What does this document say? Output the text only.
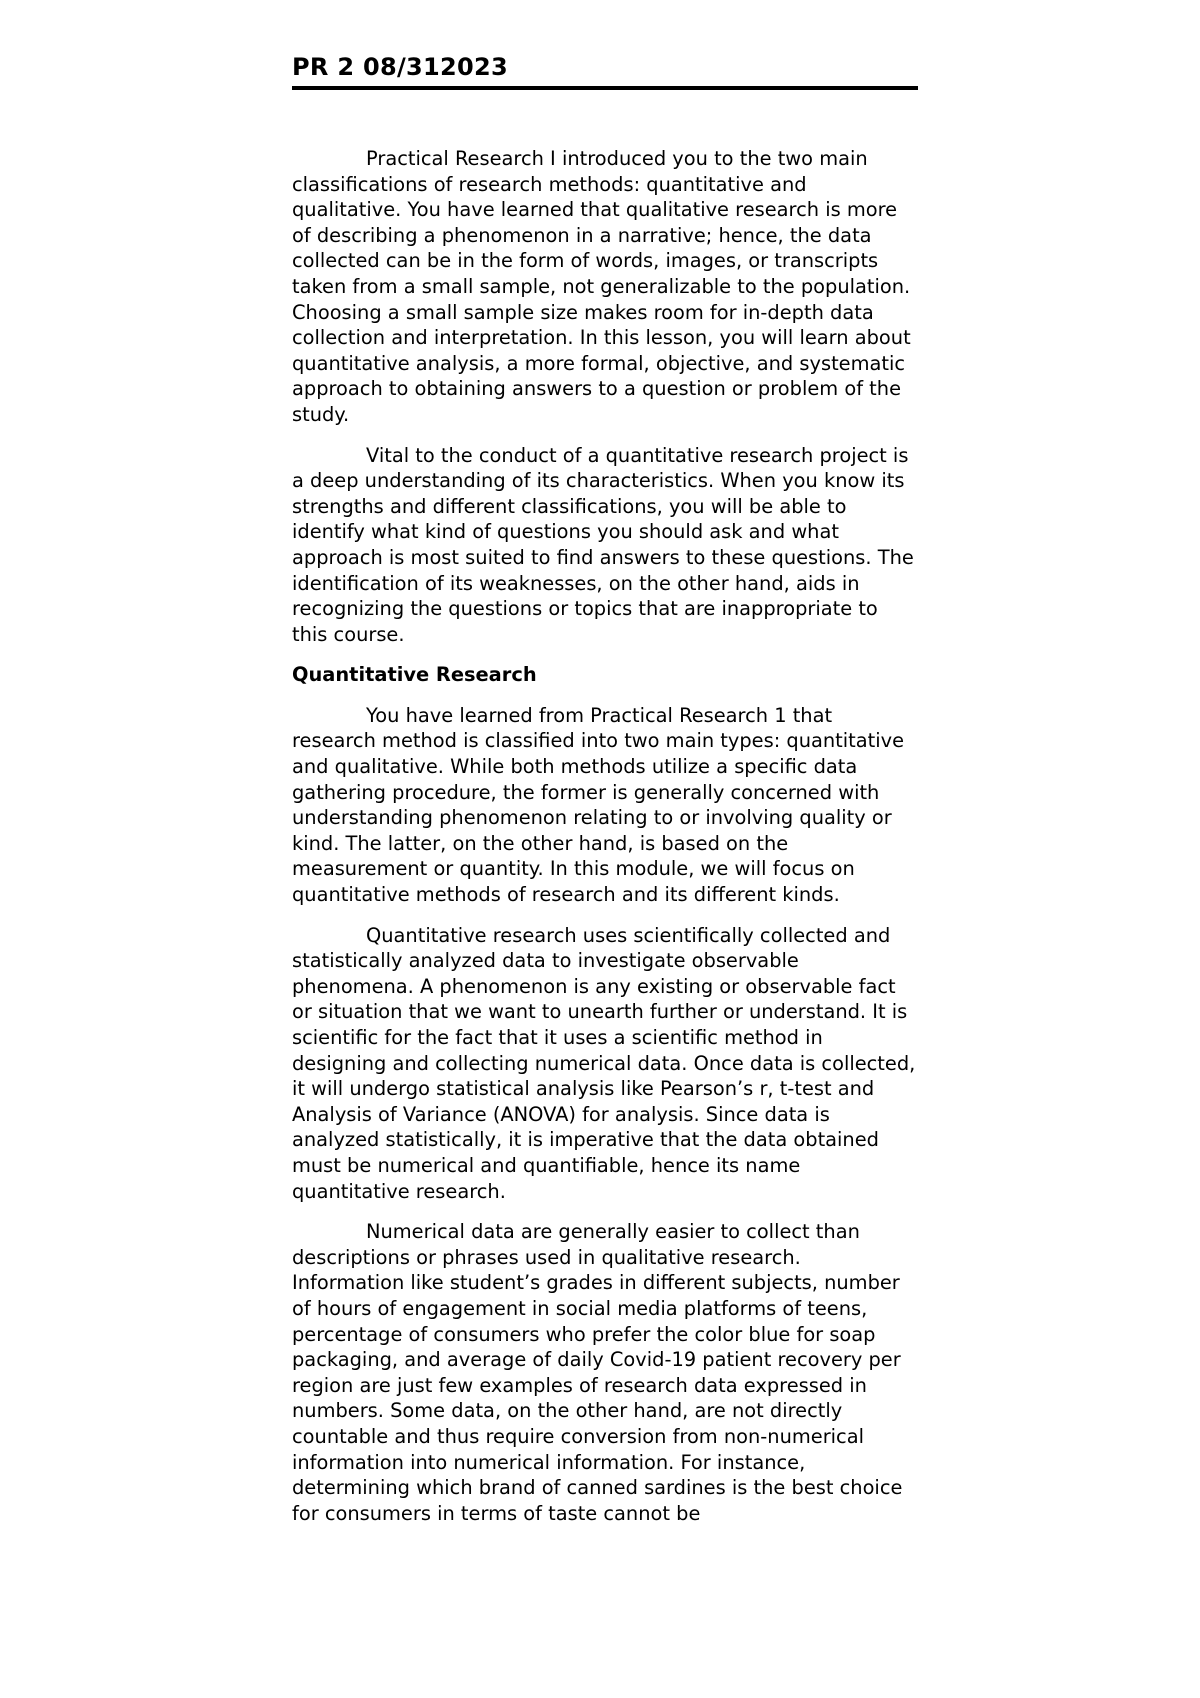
PR 2 08/312023

Practical Research I introduced you to the two main classifications of research methods: quantitative and qualitative. You have learned that qualitative research is more of describing a phenomenon in a narrative; hence, the data collected can be in the form of words, images, or transcripts taken from a small sample, not generalizable to the population. Choosing a small sample size makes room for in-depth data collection and interpretation. In this lesson, you will learn about quantitative analysis, a more formal, objective, and systematic approach to obtaining answers to a question or problem of the study.

Vital to the conduct of a quantitative research project is a deep understanding of its characteristics. When you know its strengths and different classifications, you will be able to identify what kind of questions you should ask and what approach is most suited to find answers to these questions. The identification of its weaknesses, on the other hand, aids in recognizing the questions or topics that are inappropriate to this course.

Quantitative Research

You have learned from Practical Research 1 that research method is classified into two main types: quantitative and qualitative. While both methods utilize a specific data gathering procedure, the former is generally concerned with understanding phenomenon relating to or involving quality or kind. The latter, on the other hand, is based on the measurement or quantity. In this module, we will focus on quantitative methods of research and its different kinds.

Quantitative research uses scientifically collected and statistically analyzed data to investigate observable phenomena. A phenomenon is any existing or observable fact or situation that we want to unearth further or understand. It is scientific for the fact that it uses a scientific method in designing and collecting numerical data. Once data is collected, it will undergo statistical analysis like Pearson’s r, t-test and Analysis of Variance (ANOVA) for analysis. Since data is analyzed statistically, it is imperative that the data obtained must be numerical and quantifiable, hence its name quantitative research.

Numerical data are generally easier to collect than descriptions or phrases used in qualitative research. Information like student’s grades in different subjects, number of hours of engagement in social media platforms of teens, percentage of consumers who prefer the color blue for soap packaging, and average of daily Covid-19 patient recovery per region are just few examples of research data expressed in numbers. Some data, on the other hand, are not directly countable and thus require conversion from non-numerical information into numerical information. For instance, determining which brand of canned sardines is the best choice for consumers in terms of taste cannot be
